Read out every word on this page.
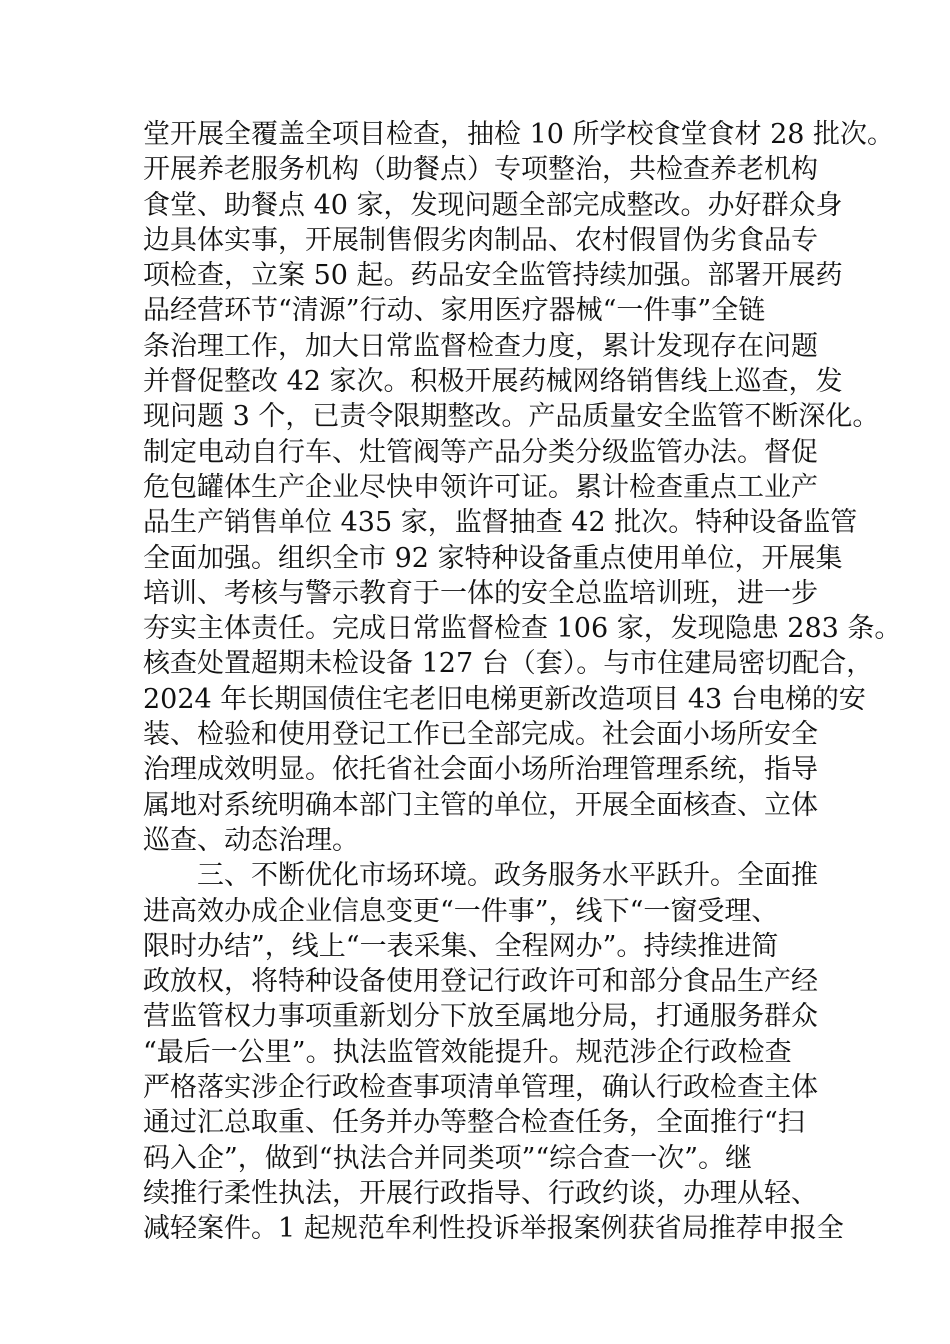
堂开展全覆盖全项目检查，抽检 10 所学校食堂食材 28 批次。
开展养老服务机构（助餐点）专项整治，共检查养老机构
食堂、助餐点 40 家，发现问题全部完成整改。办好群众身
边具体实事，开展制售假劣肉制品、农村假冒伪劣食品专
项检查，立案 50 起。药品安全监管持续加强。部署开展药
品经营环节“清源”行动、家用医疗器械“一件事”全链
条治理工作，加大日常监督检查力度，累计发现存在问题
并督促整改 42 家次。积极开展药械网络销售线上巡查，发
现问题 3 个，已责令限期整改。产品质量安全监管不断深化。
制定电动自行车、灶管阀等产品分类分级监管办法。督促
危包罐体生产企业尽快申领许可证。累计检查重点工业产
品生产销售单位 435 家，监督抽查 42 批次。特种设备监管
全面加强。组织全市 92 家特种设备重点使用单位，开展集
培训、考核与警示教育于一体的安全总监培训班，进一步
夯实主体责任。完成日常监督检查 106 家，发现隐患 283 条。
核查处置超期未检设备 127 台（套）。与市住建局密切配合，
2024 年长期国债住宅老旧电梯更新改造项目 43 台电梯的安
装、检验和使用登记工作已全部完成。社会面小场所安全
治理成效明显。依托省社会面小场所治理管理系统，指导
属地对系统明确本部门主管的单位，开展全面核查、立体
巡查、动态治理。
　　三、不断优化市场环境。政务服务水平跃升。全面推
进高效办成企业信息变更“一件事”，线下“一窗受理、
限时办结”，线上“一表采集、全程网办”。持续推进简
政放权，将特种设备使用登记行政许可和部分食品生产经
营监管权力事项重新划分下放至属地分局，打通服务群众
“最后一公里”。执法监管效能提升。规范涉企行政检查
严格落实涉企行政检查事项清单管理，确认行政检查主体
通过汇总取重、任务并办等整合检查任务，全面推行“扫
码入企”，做到“执法合并同类项”“综合查一次”。继
续推行柔性执法，开展行政指导、行政约谈，办理从轻、
减轻案件。1 起规范牟利性投诉举报案例获省局推荐申报全
